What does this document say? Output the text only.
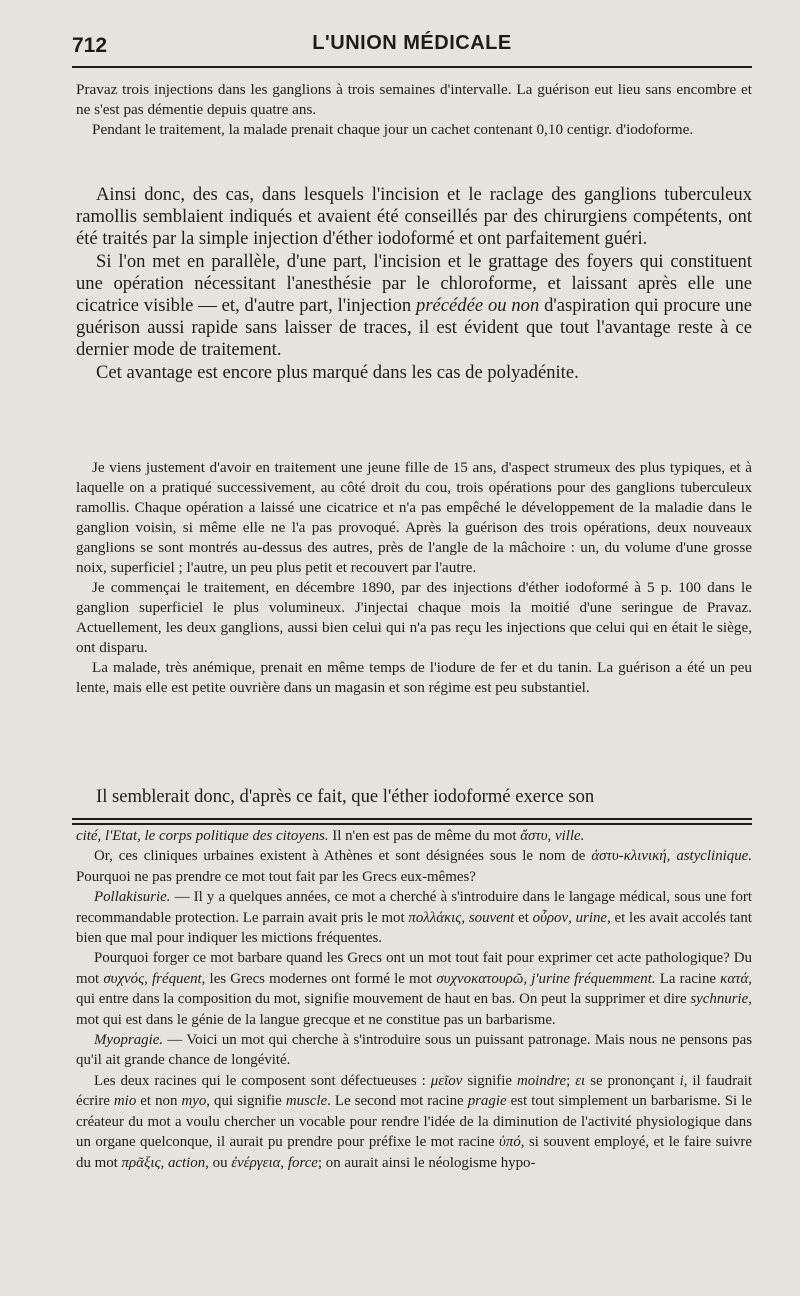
712	L'UNION MÉDICALE

Pravaz trois injections dans les ganglions à trois semaines d'intervalle. La guérison eut lieu sans encombre et ne s'est pas démentie depuis quatre ans.

Pendant le traitement, la malade prenait chaque jour un cachet contenant 0,10 centigr. d'iodoforme.

Ainsi donc, des cas, dans lesquels l'incision et le raclage des ganglions tuberculeux ramollis semblaient indiqués et avaient été conseillés par des chirurgiens compétents, ont été traités par la simple injection d'éther iodoformé et ont parfaitement guéri.

Si l'on met en parallèle, d'une part, l'incision et le grattage des foyers qui constituent une opération nécessitant l'anesthésie par le chloroforme, et laissant après elle une cicatrice visible — et, d'autre part, l'injection précédée ou non d'aspiration qui procure une guérison aussi rapide sans laisser de traces, il est évident que tout l'avantage reste à ce dernier mode de traitement.

Cet avantage est encore plus marqué dans les cas de polyadénite.

Je viens justement d'avoir en traitement une jeune fille de 15 ans, d'aspect strumeux des plus typiques, et à laquelle on a pratiqué successivement, au côté droit du cou, trois opérations pour des ganglions tuberculeux ramollis. Chaque opération a laissé une cicatrice et n'a pas empêché le développement de la maladie dans le ganglion voisin, si même elle ne l'a pas provoqué. Après la guérison des trois opérations, deux nouveaux ganglions se sont montrés au-dessus des autres, près de l'angle de la mâchoire : un, du volume d'une grosse noix, superficiel ; l'autre, un peu plus petit et recouvert par l'autre.

Je commençai le traitement, en décembre 1890, par des injections d'éther iodoformé à 5 p. 100 dans le ganglion superficiel le plus volumineux. J'injectai chaque mois la moitié d'une seringue de Pravaz. Actuellement, les deux ganglions, aussi bien celui qui n'a pas reçu les injections que celui qui en était le siège, ont disparu.

La malade, très anémique, prenait en même temps de l'iodure de fer et du tanin. La guérison a été un peu lente, mais elle est petite ouvrière dans un magasin et son régime est peu substantiel.

Il semblerait donc, d'après ce fait, que l'éther iodoformé exerce son

cité, l'Etat, le corps politique des citoyens. Il n'en est pas de même du mot ἄστυ, ville.

Or, ces cliniques urbaines existent à Athènes et sont désignées sous le nom de ἀστυ-κλινική, astyclinique. Pourquoi ne pas prendre ce mot tout fait par les Grecs eux-mêmes?

Pollakisurie. — Il y a quelques années, ce mot a cherché à s'introduire dans le langage médical, sous une fort recommandable protection. Le parrain avait pris le mot πολλάκις, souvent et οὖρον, urine, et les avait accolés tant bien que mal pour indiquer les mictions fréquentes.

Pourquoi forger ce mot barbare quand les Grecs ont un mot tout fait pour exprimer cet acte pathologique? Du mot συχνός, fréquent, les Grecs modernes ont formé le mot συχνοκατουρῶ, j'urine fréquemment. La racine κατά, qui entre dans la composition du mot, signifie mouvement de haut en bas. On peut la supprimer et dire sychnurie, mot qui est dans le génie de la langue grecque et ne constitue pas un barbarisme.

Myopragie. — Voici un mot qui cherche à s'introduire sous un puissant patronage. Mais nous ne pensons pas qu'il ait grande chance de longévité.

Les deux racines qui le composent sont défectueuses : μεῖον signifie moindre; ει se prononçant i, il faudrait écrire mio et non myo, qui signifie muscle. Le second mot racine pragie est tout simplement un barbarisme. Si le créateur du mot a voulu chercher un vocable pour rendre l'idée de la diminution de l'activité physiologique dans un organe quelconque, il aurait pu prendre pour préfixe le mot racine ὑπό, si souvent employé, et le faire suivre du mot πρᾶξις, action, ou ἐνέργεια, force; on aurait ainsi le néologisme hypo-
